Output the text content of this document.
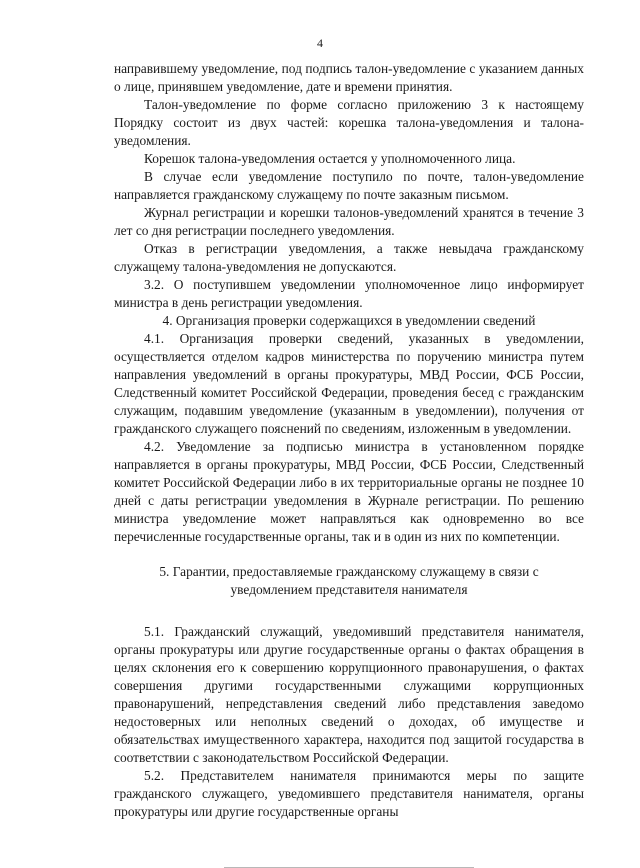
4

направившему уведомление, под подпись талон-уведомление с указанием данных о лице, принявшем уведомление, дате и времени принятия.

Талон-уведомление по форме согласно приложению 3 к настоящему Порядку состоит из двух частей: корешка талона-уведомления и талона-уведомления.

Корешок талона-уведомления остается у уполномоченного лица.

В случае если уведомление поступило по почте, талон-уведомление направляется гражданскому служащему по почте заказным письмом.

Журнал регистрации и корешки талонов-уведомлений хранятся в течение 3 лет со дня регистрации последнего уведомления.

Отказ в регистрации уведомления, а также невыдача гражданскому служащему талона-уведомления не допускаются.

3.2. О поступившем уведомлении уполномоченное лицо информирует министра в день регистрации уведомления.

4. Организация проверки содержащихся в уведомлении сведений

4.1. Организация проверки сведений, указанных в уведомлении, осуществляется отделом кадров министерства по поручению министра путем направления уведомлений в органы прокуратуры, МВД России, ФСБ России, Следственный комитет Российской Федерации, проведения бесед с гражданским служащим, подавшим уведомление (указанным в уведомлении), получения от гражданского служащего пояснений по сведениям, изложенным в уведомлении.

4.2. Уведомление за подписью министра в установленном порядке направляется в органы прокуратуры, МВД России, ФСБ России, Следственный комитет Российской Федерации либо в их территориальные органы не позднее 10 дней с даты регистрации уведомления в Журнале регистрации. По решению министра уведомление может направляться как одновременно во все перечисленные государственные органы, так и в один из них по компетенции.

5. Гарантии, предоставляемые гражданскому служащему в связи с

уведомлением представителя нанимателя

5.1. Гражданский служащий, уведомивший представителя нанимателя, органы прокуратуры или другие государственные органы о фактах обращения в целях склонения его к совершению коррупционного правонарушения, о фактах совершения другими государственными служащими коррупционных правонарушений, непредставления сведений либо представления заведомо недостоверных или неполных сведений о доходах, об имуществе и обязательствах имущественного характера, находится под защитой государства в соответствии с законодательством Российской Федерации.

5.2. Представителем нанимателя принимаются меры по защите гражданского служащего, уведомившего представителя нанимателя, органы прокуратуры или другие государственные органы
